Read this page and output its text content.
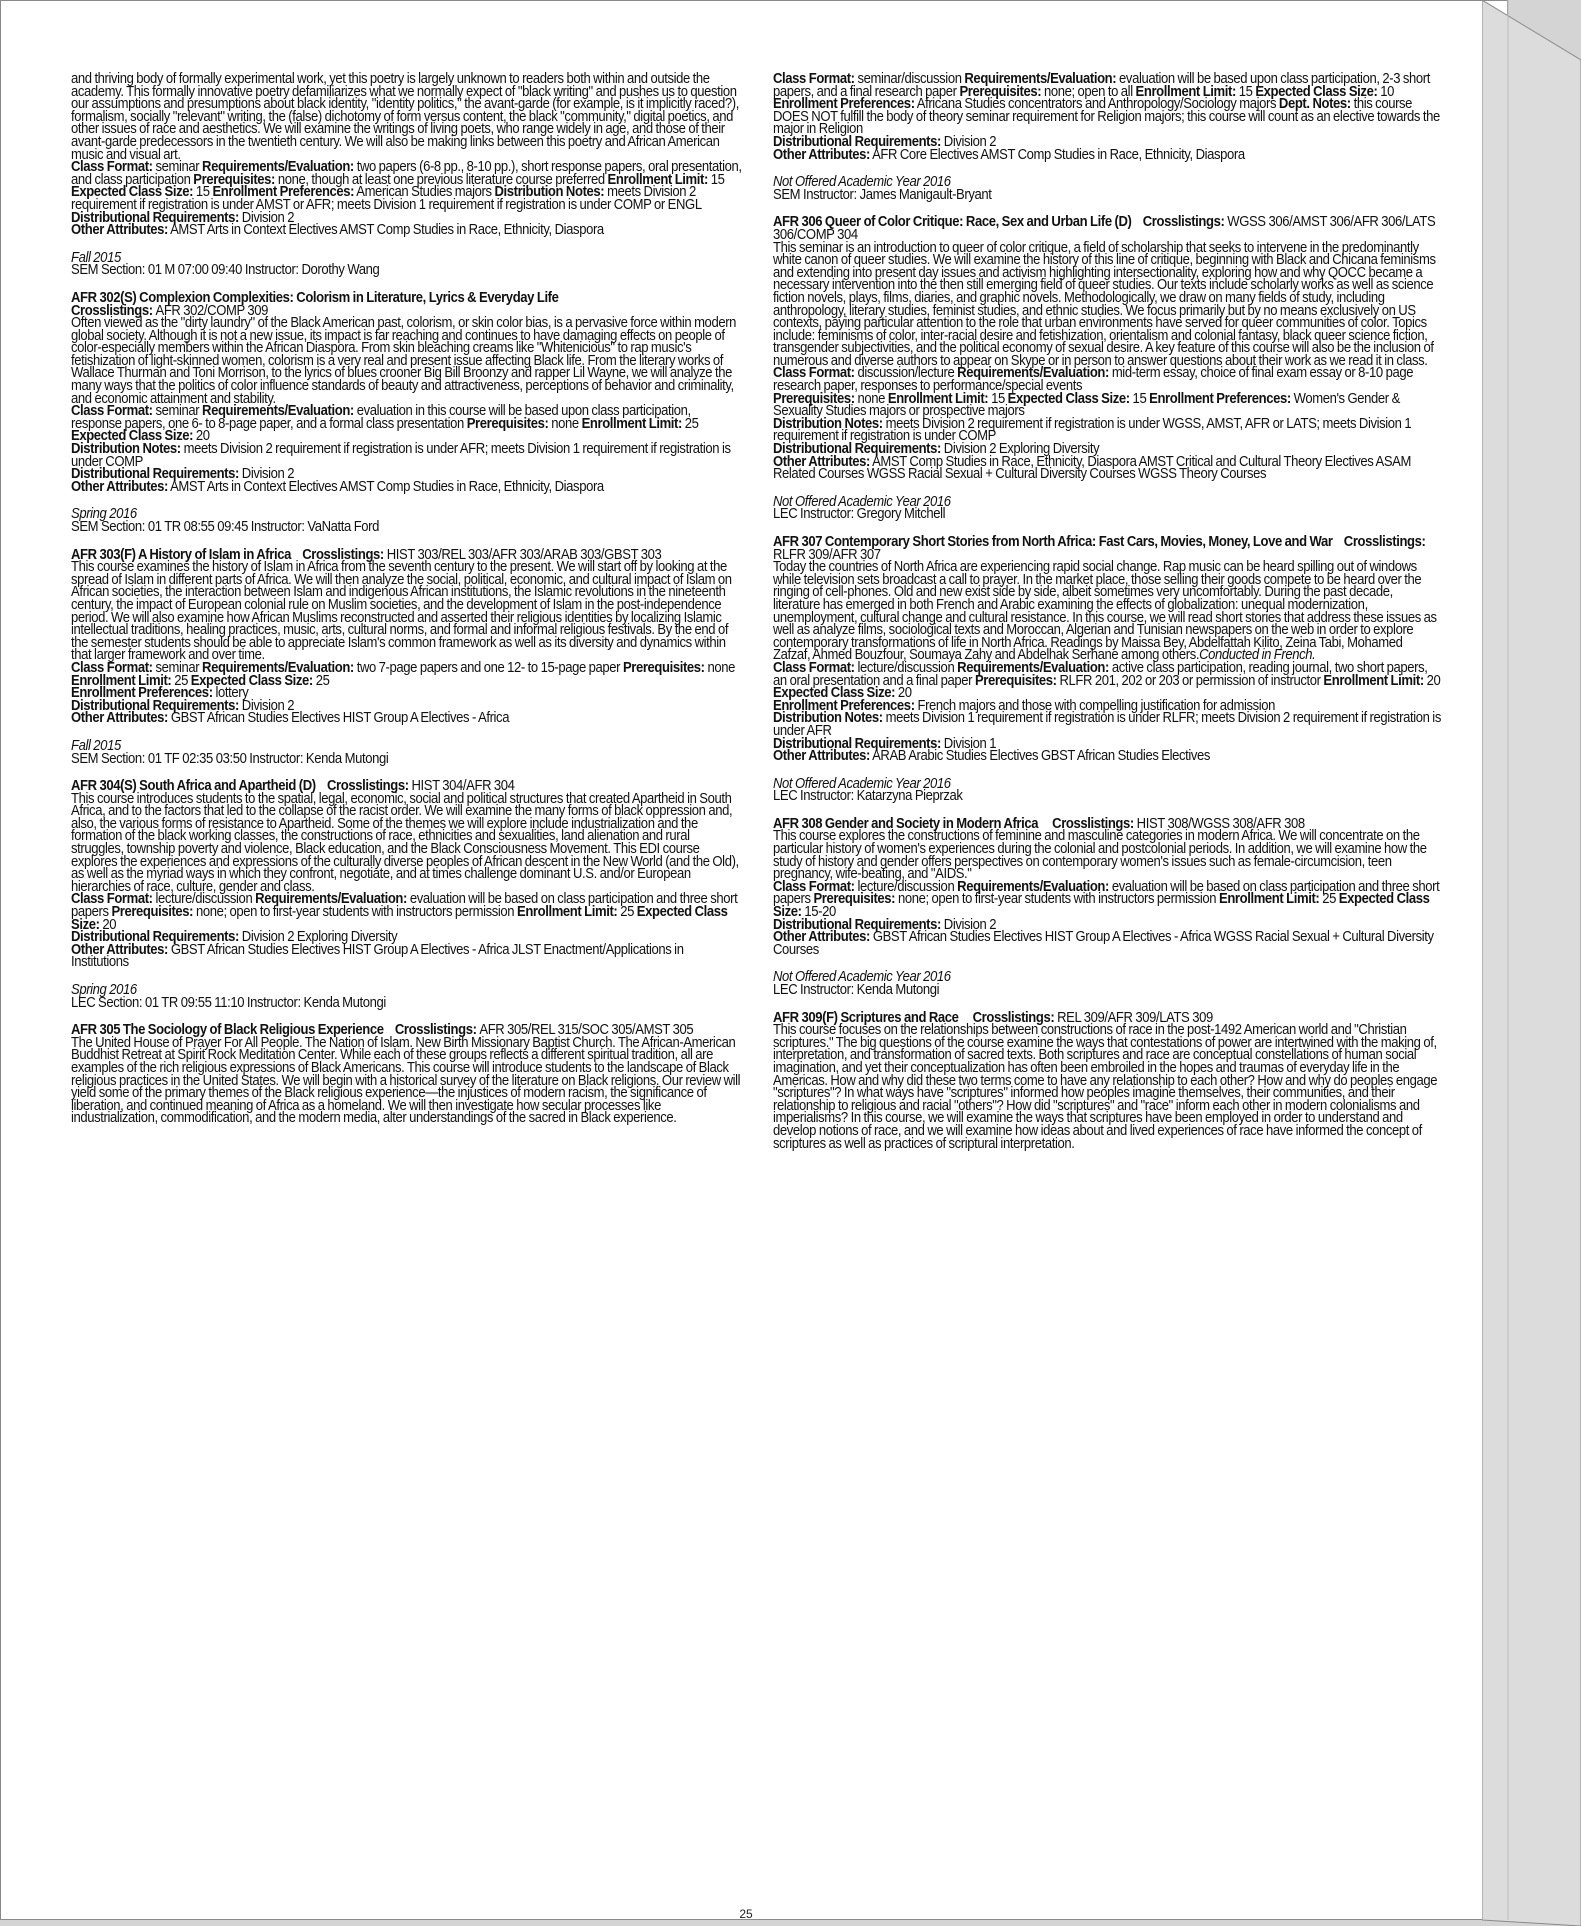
and thriving body of formally experimental work, yet this poetry is largely unknown to readers both within and outside the academy. This formally innovative poetry defamiliarizes what we normally expect of "black writing" and pushes us to question our assumptions and presumptions about black identity, "identity politics," the avant-garde (for example, is it implicitly raced?), formalism, socially "relevant" writing, the (false) dichotomy of form versus content, the black "community," digital poetics, and other issues of race and aesthetics. We will examine the writings of living poets, who range widely in age, and those of their avant-garde predecessors in the twentieth century. We will also be making links between this poetry and African American music and visual art.
Class Format: seminar Requirements/Evaluation: two papers (6-8 pp., 8-10 pp.), short response papers, oral presentation, and class participation Prerequisites: none, though at least one previous literature course preferred Enrollment Limit: 15 Expected Class Size: 15 Enrollment Preferences: American Studies majors Distribution Notes: meets Division 2 requirement if registration is under AMST or AFR; meets Division 1 requirement if registration is under COMP or ENGL
Distributional Requirements: Division 2
Other Attributes: AMST Arts in Context Electives AMST Comp Studies in Race, Ethnicity, Diaspora
Fall 2015
SEM Section: 01 M 07:00 09:40 Instructor: Dorothy Wang
AFR 302(S) Complexion Complexities: Colorism in Literature, Lyrics & Everyday Life
Crosslistings: AFR 302/COMP 309
Often viewed as the "dirty laundry" of the Black American past, colorism, or skin color bias, is a pervasive force within modern global society. Although it is not a new issue, its impact is far reaching and continues to have damaging effects on people of color-especially members within the African Diaspora. From skin bleaching creams like "Whitenicious" to rap music's fetishization of light-skinned women, colorism is a very real and present issue affecting Black life. From the literary works of Wallace Thurman and Toni Morrison, to the lyrics of blues crooner Big Bill Broonzy and rapper Lil Wayne, we will analyze the many ways that the politics of color influence standards of beauty and attractiveness, perceptions of behavior and criminality, and economic attainment and stability.
Class Format: seminar Requirements/Evaluation: evaluation in this course will be based upon class participation, response papers, one 6- to 8-page paper, and a formal class presentation Prerequisites: none Enrollment Limit: 25 Expected Class Size: 20
Distribution Notes: meets Division 2 requirement if registration is under AFR; meets Division 1 requirement if registration is under COMP
Distributional Requirements: Division 2
Other Attributes: AMST Arts in Context Electives AMST Comp Studies in Race, Ethnicity, Diaspora
Spring 2016
SEM Section: 01 TR 08:55 09:45 Instructor: VaNatta Ford
AFR 303(F) A History of Islam in Africa Crosslistings: HIST 303/REL 303/AFR 303/ARAB 303/GBST 303
This course examines the history of Islam in Africa from the seventh century to the present. We will start off by looking at the spread of Islam in different parts of Africa. We will then analyze the social, political, economic, and cultural impact of Islam on African societies, the interaction between Islam and indigenous African institutions, the Islamic revolutions in the nineteenth century, the impact of European colonial rule on Muslim societies, and the development of Islam in the post-independence period. We will also examine how African Muslims reconstructed and asserted their religious identities by localizing Islamic intellectual traditions, healing practices, music, arts, cultural norms, and formal and informal religious festivals. By the end of the semester students should be able to appreciate Islam's common framework as well as its diversity and dynamics within that larger framework and over time.
Class Format: seminar Requirements/Evaluation: two 7-page papers and one 12- to 15-page paper Prerequisites: none Enrollment Limit: 25 Expected Class Size: 25
Enrollment Preferences: lottery
Distributional Requirements: Division 2
Other Attributes: GBST African Studies Electives HIST Group A Electives - Africa
Fall 2015
SEM Section: 01 TF 02:35 03:50 Instructor: Kenda Mutongi
AFR 304(S) South Africa and Apartheid (D) Crosslistings: HIST 304/AFR 304
This course introduces students to the spatial, legal, economic, social and political structures that created Apartheid in South Africa, and to the factors that led to the collapse of the racist order. We will examine the many forms of black oppression and, also, the various forms of resistance to Apartheid. Some of the themes we will explore include industrialization and the formation of the black working classes, the constructions of race, ethnicities and sexualities, land alienation and rural struggles, township poverty and violence, Black education, and the Black Consciousness Movement. This EDI course explores the experiences and expressions of the culturally diverse peoples of African descent in the New World (and the Old), as well as the myriad ways in which they confront, negotiate, and at times challenge dominant U.S. and/or European hierarchies of race, culture, gender and class.
Class Format: lecture/discussion Requirements/Evaluation: evaluation will be based on class participation and three short papers Prerequisites: none; open to first-year students with instructors permission Enrollment Limit: 25 Expected Class Size: 20
Distributional Requirements: Division 2 Exploring Diversity
Other Attributes: GBST African Studies Electives HIST Group A Electives - Africa JLST Enactment/Applications in Institutions
Spring 2016
LEC Section: 01 TR 09:55 11:10 Instructor: Kenda Mutongi
AFR 305 The Sociology of Black Religious Experience Crosslistings: AFR 305/REL 315/SOC 305/AMST 305
The United House of Prayer For All People. The Nation of Islam. New Birth Missionary Baptist Church. The African-American Buddhist Retreat at Spirit Rock Meditation Center. While each of these groups reflects a different spiritual tradition, all are examples of the rich religious expressions of Black Americans. This course will introduce students to the landscape of Black religious practices in the United States. We will begin with a historical survey of the literature on Black religions. Our review will yield some of the primary themes of the Black religious experience—the injustices of modern racism, the significance of liberation, and continued meaning of Africa as a homeland. We will then investigate how secular processes like industrialization, commodification, and the modern media, alter understandings of the sacred in Black experience.
Class Format: seminar/discussion Requirements/Evaluation: evaluation will be based upon class participation, 2-3 short papers, and a final research paper Prerequisites: none; open to all Enrollment Limit: 15 Expected Class Size: 10 Enrollment Preferences: Africana Studies concentrators and Anthropology/Sociology majors Dept. Notes: this course DOES NOT fulfill the body of theory seminar requirement for Religion majors; this course will count as an elective towards the major in Religion
Distributional Requirements: Division 2
Other Attributes: AFR Core Electives AMST Comp Studies in Race, Ethnicity, Diaspora
Not Offered Academic Year 2016
SEM Instructor: James Manigault-Bryant
AFR 306 Queer of Color Critique: Race, Sex and Urban Life (D) Crosslistings: WGSS 306/AMST 306/AFR 306/LATS 306/COMP 304
This seminar is an introduction to queer of color critique, a field of scholarship that seeks to intervene in the predominantly white canon of queer studies. We will examine the history of this line of critique, beginning with Black and Chicana feminisms and extending into present day issues and activism highlighting intersectionality, exploring how and why QOCC became a necessary intervention into the then still emerging field of queer studies. Our texts include scholarly works as well as science fiction novels, plays, films, diaries, and graphic novels. Methodologically, we draw on many fields of study, including anthropology, literary studies, feminist studies, and ethnic studies. We focus primarily but by no means exclusively on US contexts, paying particular attention to the role that urban environments have served for queer communities of color. Topics include: feminisms of color, inter-racial desire and fetishization, orientalism and colonial fantasy, black queer science fiction, transgender subjectivities, and the political economy of sexual desire. A key feature of this course will also be the inclusion of numerous and diverse authors to appear on Skype or in person to answer questions about their work as we read it in class.
Class Format: discussion/lecture Requirements/Evaluation: mid-term essay, choice of final exam essay or 8-10 page research paper, responses to performance/special events
Prerequisites: none Enrollment Limit: 15 Expected Class Size: 15 Enrollment Preferences: Women's Gender & Sexuality Studies majors or prospective majors
Distribution Notes: meets Division 2 requirement if registration is under WGSS, AMST, AFR or LATS; meets Division 1 requirement if registration is under COMP
Distributional Requirements: Division 2 Exploring Diversity
Other Attributes: AMST Comp Studies in Race, Ethnicity, Diaspora AMST Critical and Cultural Theory Electives ASAM Related Courses WGSS Racial Sexual + Cultural Diversity Courses WGSS Theory Courses
Not Offered Academic Year 2016
LEC Instructor: Gregory Mitchell
AFR 307 Contemporary Short Stories from North Africa: Fast Cars, Movies, Money, Love and War Crosslistings: RLFR 309/AFR 307
Today the countries of North Africa are experiencing rapid social change. Rap music can be heard spilling out of windows while television sets broadcast a call to prayer. In the market place, those selling their goods compete to be heard over the ringing of cell-phones. Old and new exist side by side, albeit sometimes very uncomfortably. During the past decade, literature has emerged in both French and Arabic examining the effects of globalization: unequal modernization, unemployment, cultural change and cultural resistance. In this course, we will read short stories that address these issues as well as analyze films, sociological texts and Moroccan, Algerian and Tunisian newspapers on the web in order to explore contemporary transformations of life in North Africa. Readings by Maissa Bey, Abdelfattah Kilito, Zeina Tabi, Mohamed Zafzaf, Ahmed Bouzfour, Soumaya Zahy and Abdelhak Serhane among others.Conducted in French.
Class Format: lecture/discussion Requirements/Evaluation: active class participation, reading journal, two short papers, an oral presentation and a final paper Prerequisites: RLFR 201, 202 or 203 or permission of instructor Enrollment Limit: 20 Expected Class Size: 20
Enrollment Preferences: French majors and those with compelling justification for admission
Distribution Notes: meets Division 1 requirement if registration is under RLFR; meets Division 2 requirement if registration is under AFR
Distributional Requirements: Division 1
Other Attributes: ARAB Arabic Studies Electives GBST African Studies Electives
Not Offered Academic Year 2016
LEC Instructor: Katarzyna Pieprzak
AFR 308 Gender and Society in Modern Africa Crosslistings: HIST 308/WGSS 308/AFR 308
This course explores the constructions of feminine and masculine categories in modern Africa. We will concentrate on the particular history of women's experiences during the colonial and postcolonial periods. In addition, we will examine how the study of history and gender offers perspectives on contemporary women's issues such as female-circumcision, teen pregnancy, wife-beating, and "AIDS."
Class Format: lecture/discussion Requirements/Evaluation: evaluation will be based on class participation and three short papers Prerequisites: none; open to first-year students with instructors permission Enrollment Limit: 25 Expected Class Size: 15-20
Distributional Requirements: Division 2
Other Attributes: GBST African Studies Electives HIST Group A Electives - Africa WGSS Racial Sexual + Cultural Diversity Courses
Not Offered Academic Year 2016
LEC Instructor: Kenda Mutongi
AFR 309(F) Scriptures and Race Crosslistings: REL 309/AFR 309/LATS 309
This course focuses on the relationships between constructions of race in the post-1492 American world and "Christian scriptures." The big questions of the course examine the ways that contestations of power are intertwined with the making of, interpretation, and transformation of sacred texts. Both scriptures and race are conceptual constellations of human social imagination, and yet their conceptualization has often been embroiled in the hopes and traumas of everyday life in the Americas. How and why did these two terms come to have any relationship to each other? How and why do peoples engage "scriptures"? In what ways have "scriptures" informed how peoples imagine themselves, their communities, and their relationship to religious and racial "others"? How did "scriptures" and "race" inform each other in modern colonialisms and imperialisms? In this course, we will examine the ways that scriptures have been employed in order to understand and develop notions of race, and we will examine how ideas about and lived experiences of race have informed the concept of scriptures as well as practices of scriptural interpretation.
25
